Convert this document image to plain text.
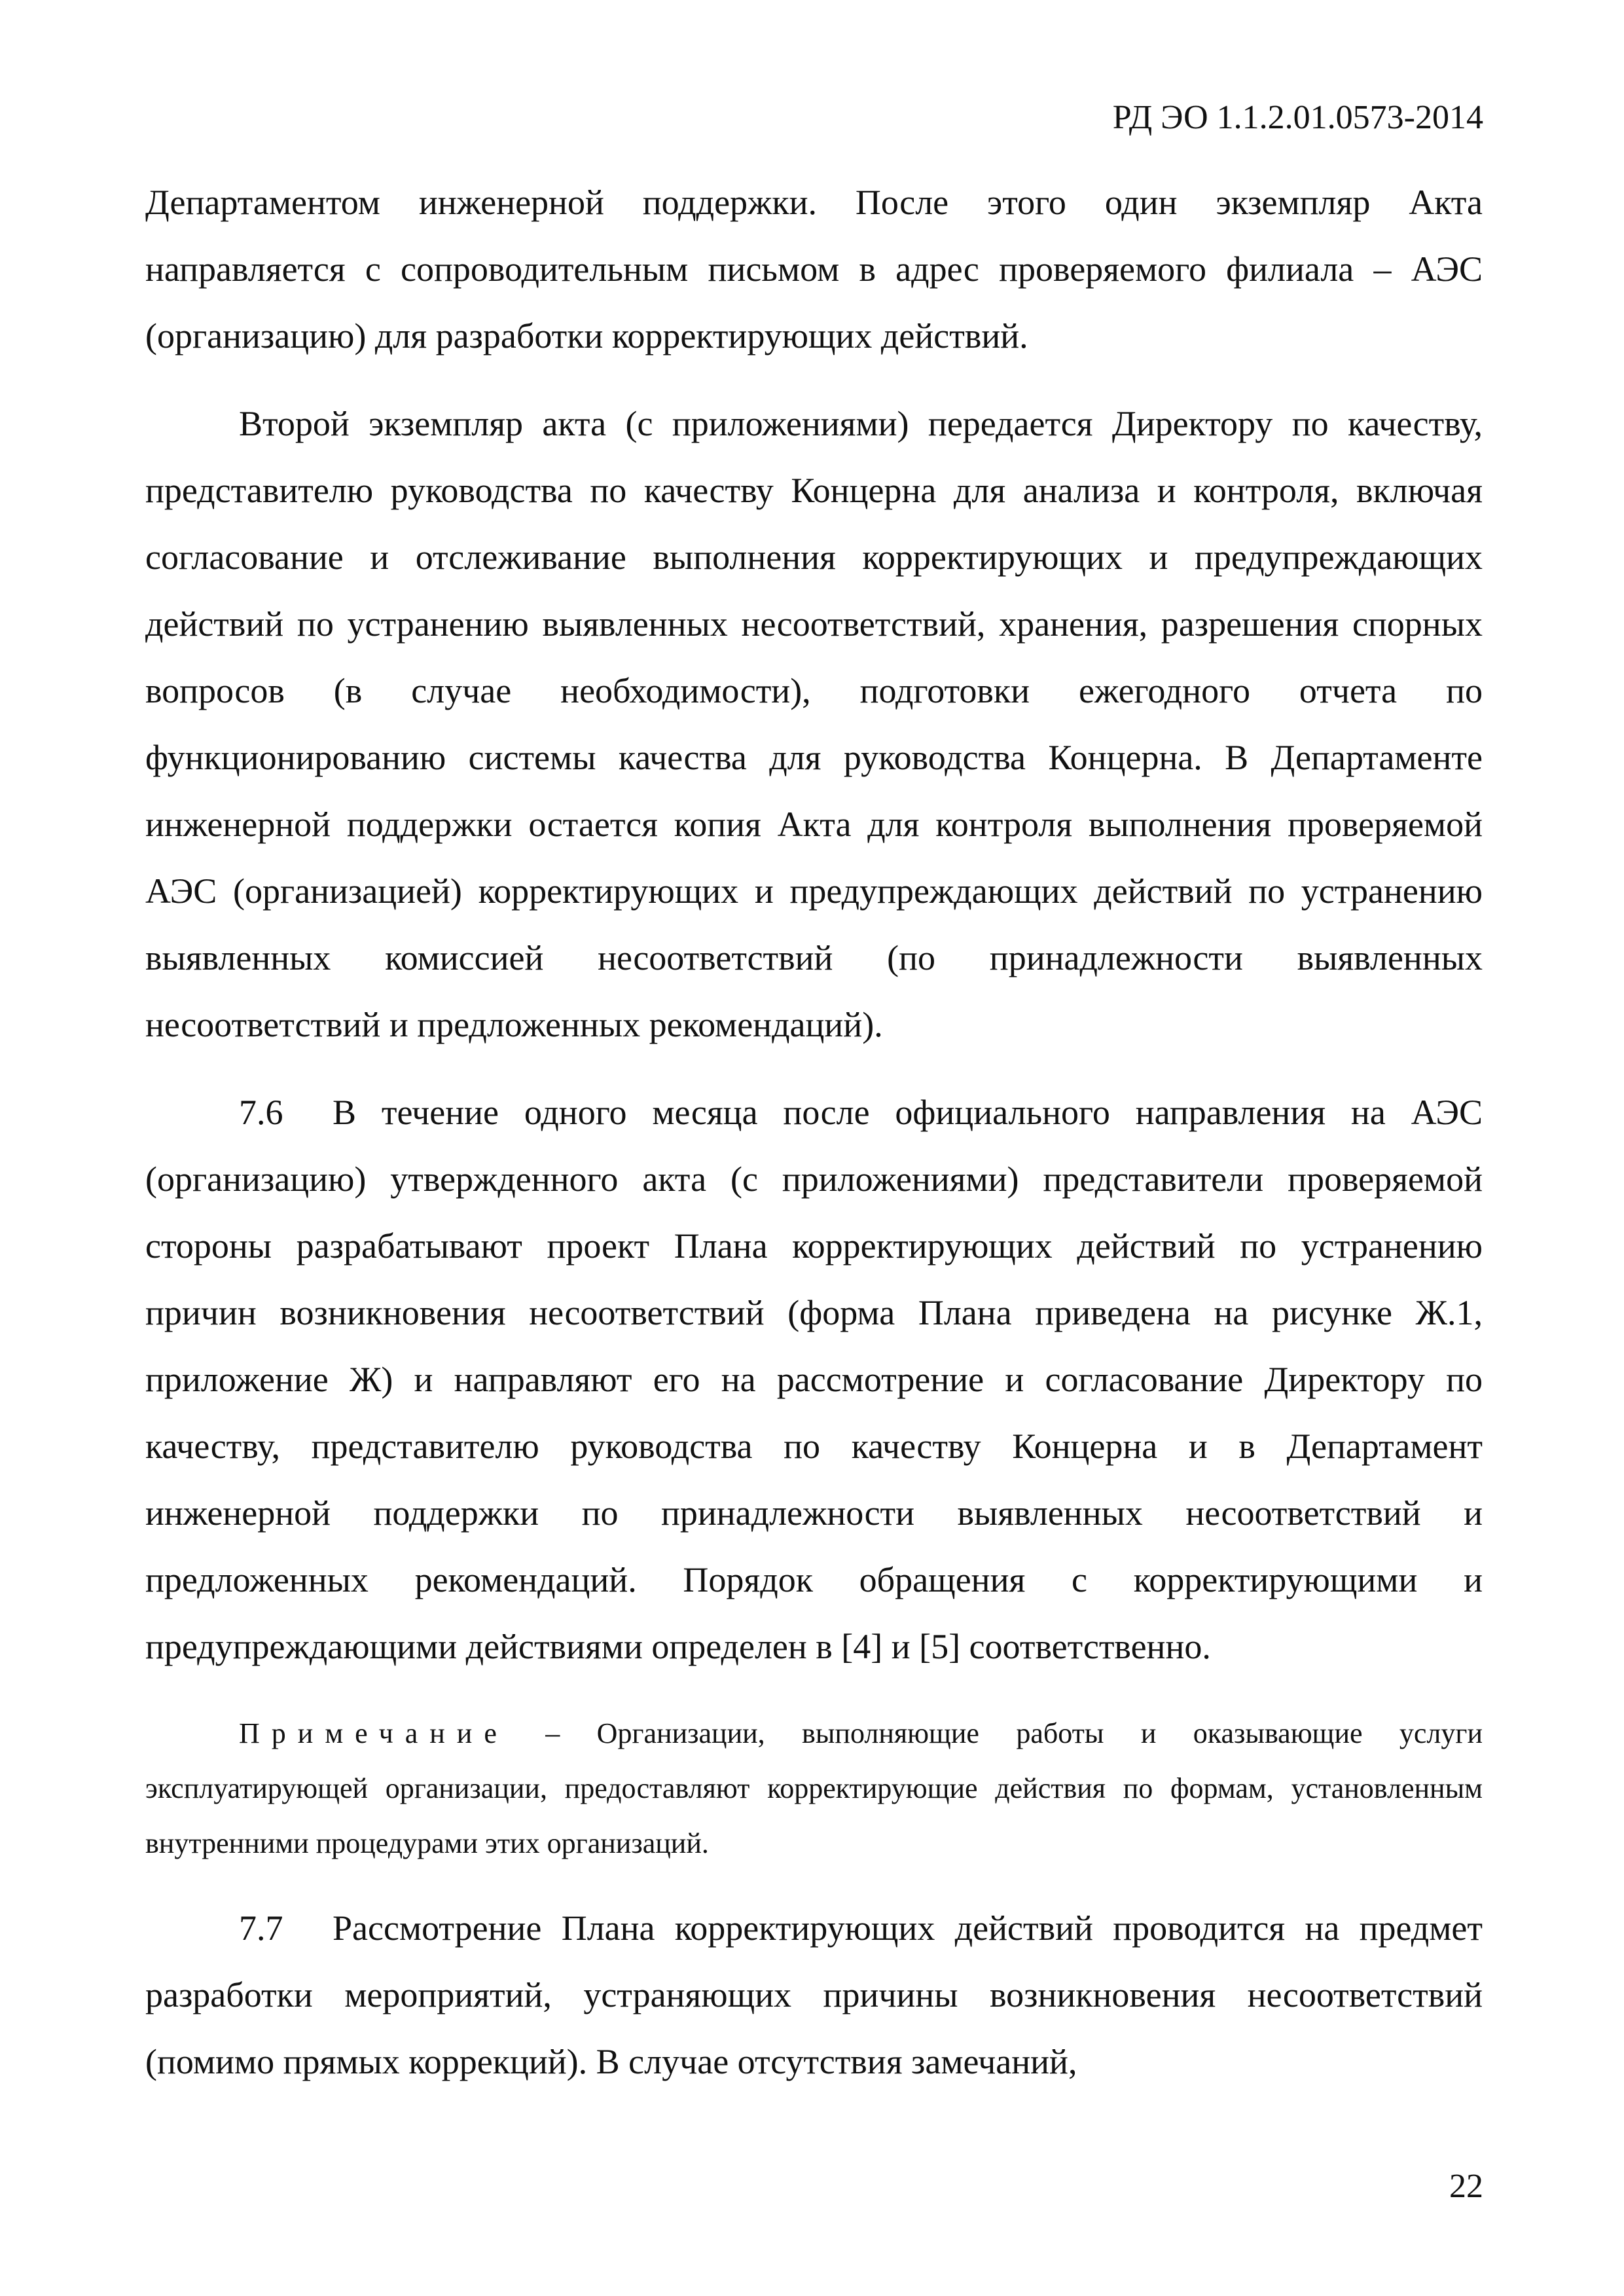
РД ЭО 1.1.2.01.0573-2014

Департаментом инженерной поддержки. После этого один экземпляр Акта направляется с сопроводительным письмом в адрес проверяемого филиала – АЭС (организацию) для разработки корректирующих действий.

Второй экземпляр акта (с приложениями) передается Директору по качеству, представителю руководства по качеству Концерна для анализа и контроля, включая согласование и отслеживание выполнения корректирующих и предупреждающих действий по устранению выявленных несоответствий, хранения, разрешения спорных вопросов (в случае необходимости), подготовки ежегодного отчета по функционированию системы качества для руководства Концерна. В Департаменте инженерной поддержки остается копия Акта для контроля выполнения проверяемой АЭС (организацией) корректирующих и предупреждающих действий по устранению выявленных комиссией несоответствий (по принадлежности выявленных несоответствий и предложенных рекомендаций).

7.6 В течение одного месяца после официального направления на АЭС (организацию) утвержденного акта (с приложениями) представители проверяемой стороны разрабатывают проект Плана корректирующих действий по устранению причин возникновения несоответствий (форма Плана приведена на рисунке Ж.1, приложение Ж) и направляют его на рассмотрение и согласование Директору по качеству, представителю руководства по качеству Концерна и в Департамент инженерной поддержки по принадлежности выявленных несоответствий и предложенных рекомендаций. Порядок обращения с корректирующими и предупреждающими действиями определен в [4] и [5] соответственно.

Примечание – Организации, выполняющие работы и оказывающие услуги эксплуатирующей организации, предоставляют корректирующие действия по формам, установленным внутренними процедурами этих организаций.

7.7 Рассмотрение Плана корректирующих действий проводится на предмет разработки мероприятий, устраняющих причины возникновения несоответствий (помимо прямых коррекций). В случае отсутствия замечаний,

22
